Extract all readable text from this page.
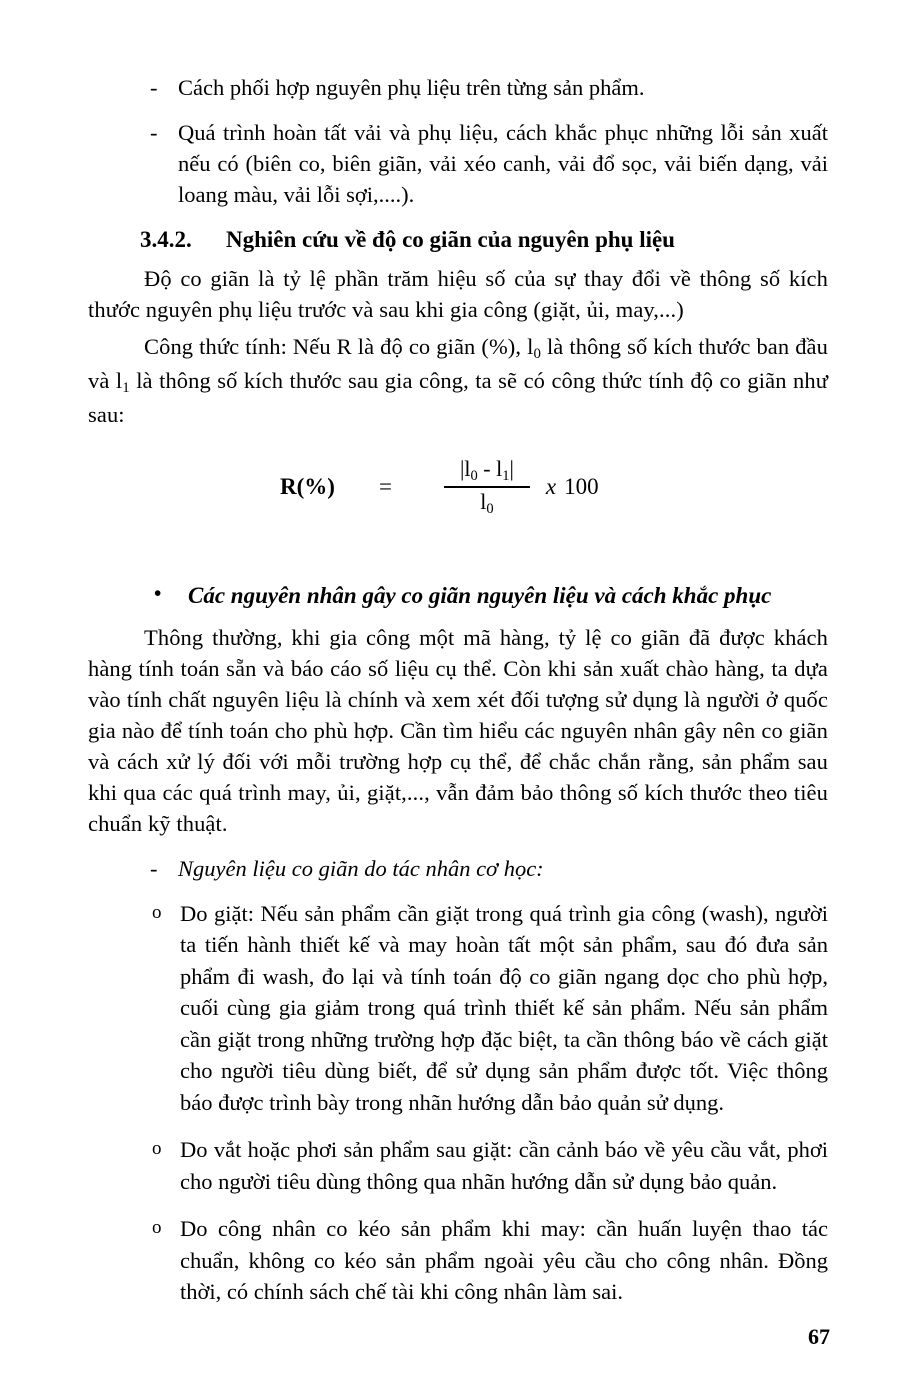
- Cách phối hợp nguyên phụ liệu trên từng sản phẩm.
- Quá trình hoàn tất vải và phụ liệu, cách khắc phục những lỗi sản xuất nếu có (biên co, biên giãn, vải xéo canh, vải đổ sọc, vải biến dạng, vải loang màu, vải lỗi sợi,....).
3.4.2.	Nghiên cứu về độ co giãn của nguyên phụ liệu

Độ co giãn là tỷ lệ phần trăm hiệu số của sự thay đổi về thông số kích thước nguyên phụ liệu trước và sau khi gia công (giặt, ủi, may,...)

Công thức tính: Nếu R là độ co giãn (%), $l_0$ là thông số kích thước ban đầu và $l_1$ là thông số kích thước sau gia công, ta sẽ có công thức tính độ co giãn như sau:

$R(\%) = \frac{|l_0 - l_1|}{l_0}$ x 100
• Các nguyên nhân gây co giãn nguyên liệu và cách khắc phục

Thông thường, khi gia công một mã hàng, tỷ lệ co giãn đã được khách hàng tính toán sẵn và báo cáo số liệu cụ thể. Còn khi sản xuất chào hàng, ta dựa vào tính chất nguyên liệu là chính và xem xét đối tượng sử dụng là người ở quốc gia nào để tính toán cho phù hợp. Cần tìm hiểu các nguyên nhân gây nên co giãn và cách xử lý đối với mỗi trường hợp cụ thể, để chắc chắn rằng, sản phẩm sau khi qua các quá trình may, ủi, giặt,..., vẫn đảm bảo thông số kích thước theo tiêu chuẩn kỹ thuật.

- Nguyên liệu co giãn do tác nhân cơ học:
o Do giặt: Nếu sản phẩm cần giặt trong quá trình gia công (wash), người ta tiến hành thiết kế và may hoàn tất một sản phẩm, sau đó đưa sản phẩm đi wash, đo lại và tính toán độ co giãn ngang dọc cho phù hợp, cuối cùng gia giảm trong quá trình thiết kế sản phẩm. Nếu sản phẩm cần giặt trong những trường hợp đặc biệt, ta cần thông báo về cách giặt cho người tiêu dùng biết, để sử dụng sản phẩm được tốt. Việc thông báo được trình bày trong nhãn hướng dẫn bảo quản sử dụng.
o Do vắt hoặc phơi sản phẩm sau giặt: cần cảnh báo về yêu cầu vắt, phơi cho người tiêu dùng thông qua nhãn hướng dẫn sử dụng bảo quản.
o Do công nhân co kéo sản phẩm khi may: cần huấn luyện thao tác chuẩn, không co kéo sản phẩm ngoài yêu cầu cho công nhân. Đồng thời, có chính sách chế tài khi công nhân làm sai.
67
